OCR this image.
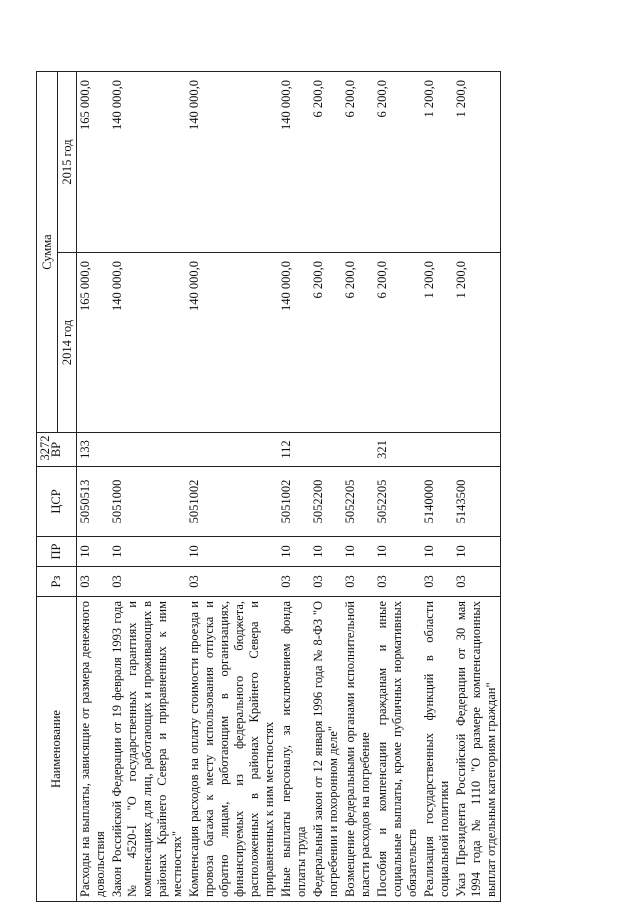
3272
Наименование	Рз	ПР	ЦСР	ВР	Сумма	
					2014 год	2015 год
Расходы на выплаты, зависящие от размера денежного довольствия	03	10	5050513	133	165 000,0	165 000,0
Закон Российской Федерации от 19 февраля 1993 года № 4520-I "О государственных гарантиях и компенсациях для лиц, работающих и проживающих в районах Крайнего Севера и приравненных к ним местностях"	03	10	5051000		140 000,0	140 000,0
Компенсация расходов на оплату стоимости проезда и провоза багажа к месту использования отпуска и обратно лицам, работающим в организациях, финансируемых из федерального бюджета, расположенных в районах Крайнего Севера и приравненных к ним местностях	03	10	5051002		140 000,0	140 000,0
Иные выплаты персоналу, за исключением фонда оплаты труда	03	10	5051002	112	140 000,0	140 000,0
Федеральный закон от 12 января 1996 года № 8-ФЗ "О погребении и похоронном деле"	03	10	5052200		6 200,0	6 200,0
Возмещение федеральными органами исполнительной власти расходов на погребение	03	10	5052205		6 200,0	6 200,0
Пособия и компенсации гражданам и иные социальные выплаты, кроме публичных нормативных обязательств	03	10	5052205	321	6 200,0	6 200,0
Реализация государственных функций в области социальной политики	03	10	5140000		1 200,0	1 200,0
Указ Президента Российской Федерации от 30 мая 1994 года № 1110 "О размере компенсационных выплат отдельным категориям граждан"	03	10	5143500		1 200,0	1 200,0
